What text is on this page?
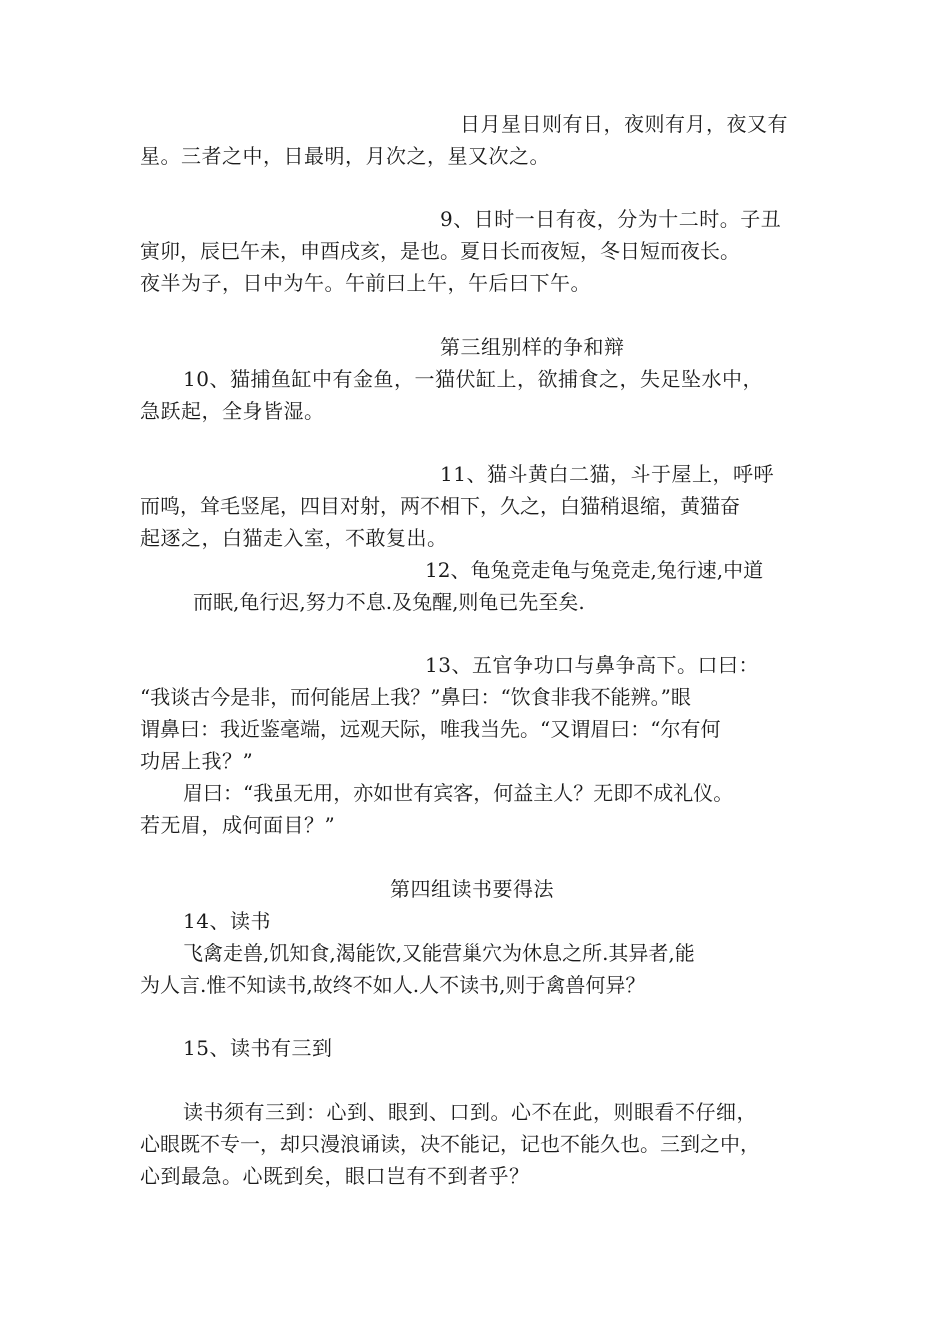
日月星日则有日，夜则有月，夜又有
星。三者之中，日最明，月次之，星又次之。
9、日时一日有夜，分为十二时。子丑
寅卯，辰巳午未，申酉戌亥，是也。夏日长而夜短，冬日短而夜长。
夜半为子，日中为午。午前曰上午，午后曰下午。
第三组别样的争和辩
10、猫捕鱼缸中有金鱼，一猫伏缸上，欲捕食之，失足坠水中，
急跃起，全身皆湿。
11、猫斗黄白二猫，斗于屋上，呼呼
而鸣，耸毛竖尾，四目对射，两不相下，久之，白猫稍退缩，黄猫奋
起逐之，白猫走入室，不敢复出。
12、龟兔竞走龟与兔竞走,兔行速,中道
而眠,龟行迟,努力不息.及兔醒,则龟已先至矣.
13、五官争功口与鼻争高下。口曰：
“我谈古今是非，而何能居上我？”鼻曰：“饮食非我不能辨。”眼
谓鼻曰：我近鉴毫端，远观天际，唯我当先。“又谓眉曰：“尔有何
功居上我？”
眉曰：“我虽无用，亦如世有宾客，何益主人？无即不成礼仪。
若无眉，成何面目？”
第四组读书要得法
14、读书
飞禽走兽,饥知食,渴能饮,又能营巢穴为休息之所.其异者,能
为人言.惟不知读书,故终不如人.人不读书,则于禽兽何异？
15、读书有三到
读书须有三到：心到、眼到、口到。心不在此，则眼看不仔细，
心眼既不专一，却只漫浪诵读，决不能记，记也不能久也。三到之中，
心到最急。心既到矣，眼口岂有不到者乎？
